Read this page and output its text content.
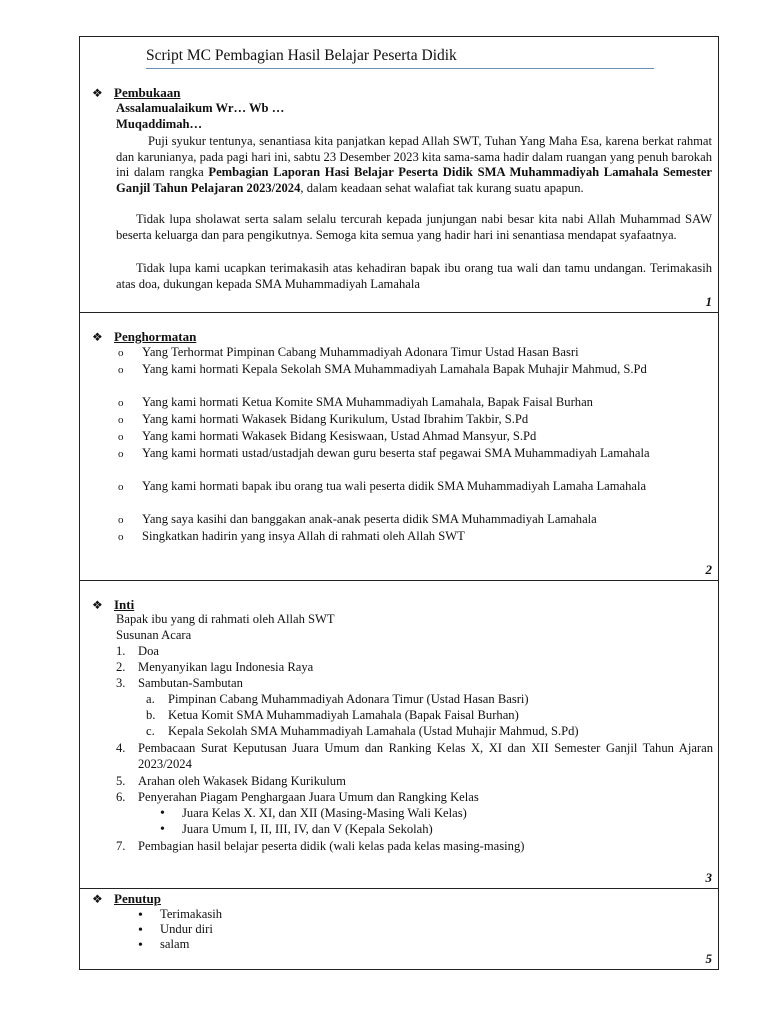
Script MC Pembagian Hasil Belajar Peserta Didik
❖ Pembukaan
Assalamualaikum Wr… Wb …
Muqaddimah…
Puji syukur tentunya, senantiasa kita panjatkan kepad Allah SWT, Tuhan Yang Maha Esa, karena berkat rahmat dan karunianya, pada pagi hari ini, sabtu 23 Desember 2023 kita sama-sama hadir dalam ruangan yang penuh barokah ini dalam rangka Pembagian Laporan Hasi Belajar Peserta Didik SMA Muhammadiyah Lamahala Semester Ganjil Tahun Pelajaran 2023/2024, dalam keadaan sehat walafiat tak kurang suatu apapun.
Tidak lupa sholawat serta salam selalu tercurah kepada junjungan nabi besar kita nabi Allah Muhammad SAW beserta keluarga dan para pengikutnya. Semoga kita semua yang hadir hari ini senantiasa mendapat syafaatnya.
Tidak lupa kami ucapkan terimakasih atas kehadiran bapak ibu orang tua wali dan tamu undangan. Terimakasih atas doa, dukungan kepada SMA Muhammadiyah Lamahala
1
❖ Penghormatan
o Yang Terhormat Pimpinan Cabang Muhammadiyah Adonara Timur Ustad Hasan Basri
o Yang kami hormati Kepala Sekolah SMA Muhammadiyah Lamahala Bapak Muhajir Mahmud, S.Pd
o Yang kami hormati Ketua Komite SMA Muhammadiyah Lamahala, Bapak Faisal Burhan
o Yang kami hormati Wakasek Bidang Kurikulum, Ustad Ibrahim Takbir, S.Pd
o Yang kami hormati Wakasek Bidang Kesiswaan, Ustad Ahmad Mansyur, S.Pd
o Yang kami hormati ustad/ustadjah dewan guru beserta staf pegawai SMA Muhammadiyah Lamahala
o Yang kami hormati bapak ibu orang tua wali peserta didik SMA Muhammadiyah Lamaha Lamahala
o Yang saya kasihi dan banggakan anak-anak peserta didik SMA Muhammadiyah Lamahala
o Singkatkan hadirin yang insya Allah di rahmati oleh Allah SWT
2
❖ Inti
Bapak ibu yang di rahmati oleh Allah SWT
Susunan Acara
1. Doa
2. Menyanyikan lagu Indonesia Raya
3. Sambutan-Sambutan
a. Pimpinan Cabang Muhammadiyah Adonara Timur (Ustad Hasan Basri)
b. Ketua Komit SMA Muhammadiyah Lamahala (Bapak Faisal Burhan)
c. Kepala Sekolah SMA Muhammadiyah Lamahala (Ustad Muhajir Mahmud, S.Pd)
4. Pembacaan Surat Keputusan Juara Umum dan Ranking Kelas X, XI dan XII Semester Ganjil Tahun Ajaran 2023/2024
5. Arahan oleh Wakasek Bidang Kurikulum
6. Penyerahan Piagam Penghargaan Juara Umum dan Rangking Kelas
• Juara Kelas X. XI, dan XII (Masing-Masing Wali Kelas)
• Juara Umum I, II, III, IV, dan V (Kepala Sekolah)
7. Pembagian hasil belajar peserta didik (wali kelas pada kelas masing-masing)
3
❖ Penutup
• Terimakasih
• Undur diri
• salam
5
